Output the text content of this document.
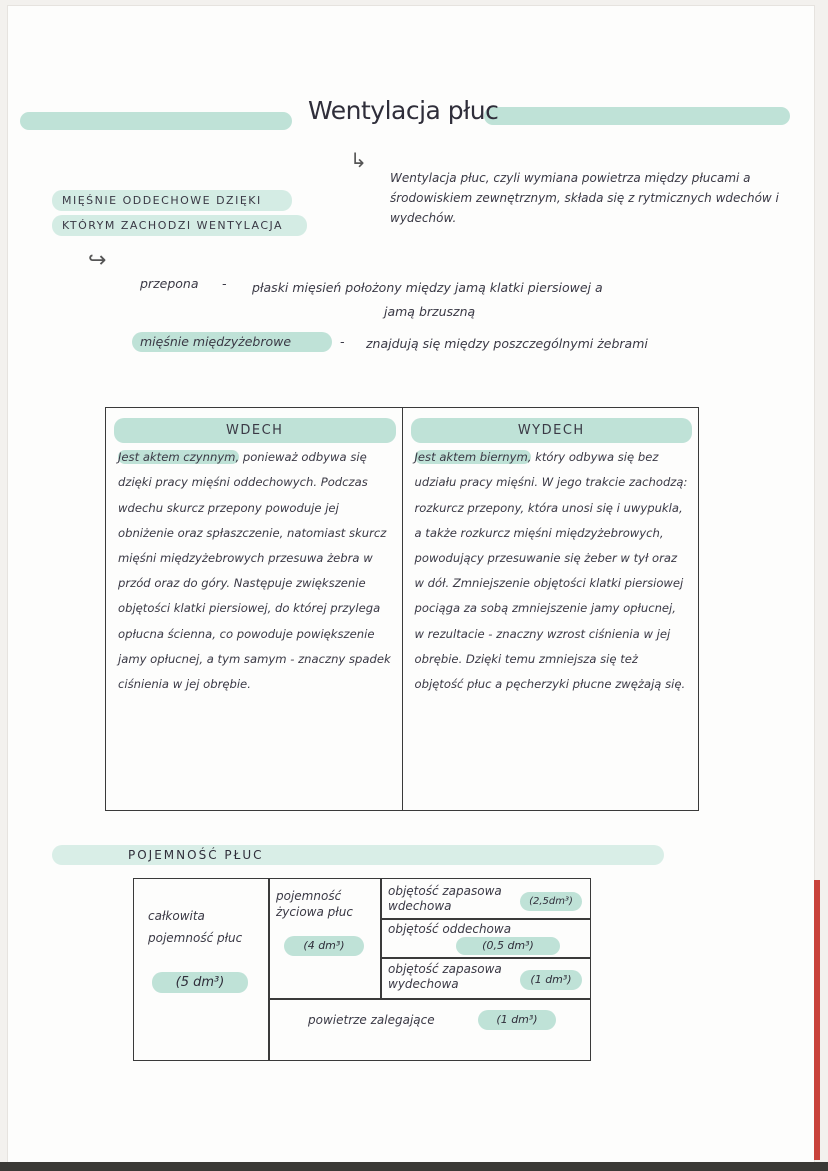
Wentylacja płuc
↳
Wentylacja płuc, czyli wymiana powietrza między płucami a środowiskiem zewnętrznym, składa się z rytmicznych wdechów i wydechów.
MIĘŚNIE ODDECHOWE DZIĘKI
KTÓRYM ZACHODZI WENTYLACJA
↪
przepona - płaski mięsień położony między jamą klatki piersiowej a
jamą brzuszną
mięśnie międzyżebrowe	- znajdują się między poszczególnymi żebrami
WDECH
Jest aktem czynnym, ponieważ odbywa się dzięki pracy mięśni oddechowych. Podczas wdechu skurcz przepony powoduje jej obniżenie oraz spłaszczenie, natomiast skurcz mięśni międzyżebrowych przesuwa żebra w przód oraz do góry. Następuje zwiększenie objętości klatki piersiowej, do której przylega opłucna ścienna, co powoduje powiększenie jamy opłucnej, a tym samym - znaczny spadek ciśnienia w jej obrębie.	
WYDECH
Jest aktem biernym, który odbywa się bez udziału pracy mięśni. W jego trakcie zachodzą: rozkurcz przepony, która unosi się i uwypukla, a także rozkurcz mięśni międzyżebrowych, powodujący przesuwanie się żeber w tył oraz w dół. Zmniejszenie objętości klatki piersiowej pociąga za sobą zmniejszenie jamy opłucnej, w rezultacie - znaczny wzrost ciśnienia w jej obrębie. Dzięki temu zmniejsza się też objętość płuc a pęcherzyki płucne zwężają się.
POJEMNOŚĆ PŁUC
całkowita pojemność płuc
(5 dm³)
pojemność życiowa płuc
(4 dm³)
objętość zapasowa wdechowa	(2,5dm³)
objętość oddechowa
(0,5 dm³)
objętość zapasowa wydechowa	(1 dm³)
powietrze zalegające	(1 dm³)
